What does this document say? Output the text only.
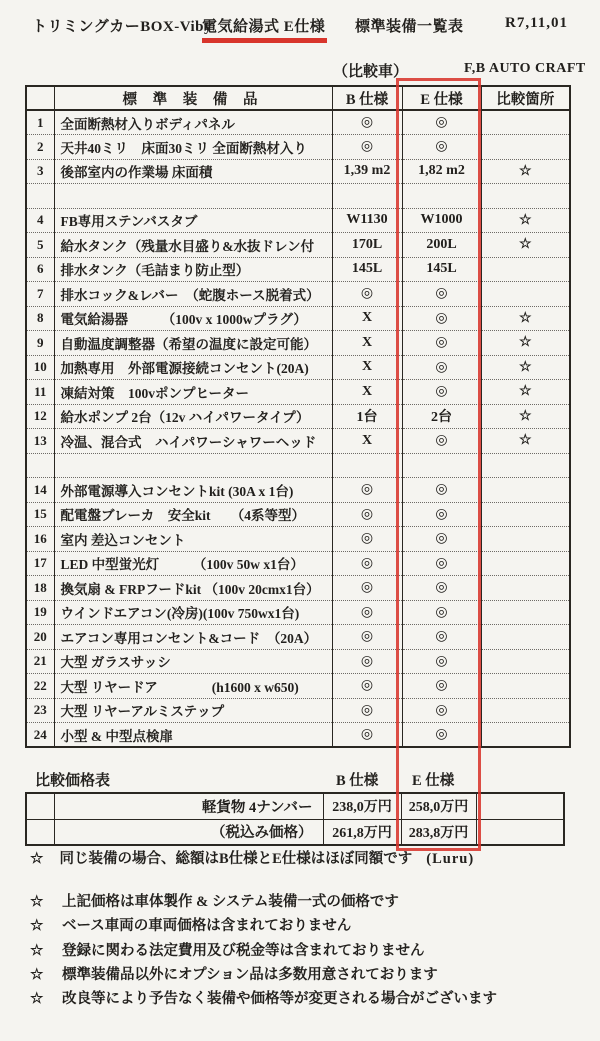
トリミングカーBOX-Viby
電気給湯式 E仕様 標準装備一覧表	R7,11,01
（比較車）	F,B AUTO CRAFT
	標 準 装 備 品	B 仕様	E 仕様	比較箇所
1	全面断熱材入りボディパネル	◎	◎	
2	天井40ミリ　床面30ミリ 全面断熱材入り	◎	◎	
3	後部室内の作業場 床面積	1,39 m2	1,82 m2	☆

4	FB専用ステンバスタブ	W1130	W1000	☆
5	給水タンク（残量水目盛り&水抜ドレン付	170L	200L	☆
6	排水タンク（毛詰まり防止型）	145L	145L	
7	排水コック&レバー　（蛇腹ホース脱着式）	◎	◎	
8	電気給湯器　　　（100v x 1000wプラグ）	X	◎	☆
9	自動温度調整器（希望の温度に設定可能）	X	◎	☆
10	加熱専用　外部電源接続コンセント(20A)	X	◎	☆
11	凍結対策　100vポンプヒーター	X	◎	☆
12	給水ポンプ 2台（12v ハイパワータイプ）	1台	2台	☆
13	冷温、混合式　ハイパワーシャワーヘッド	X	◎	☆

14	外部電源導入コンセントkit (30A x 1台)	◎	◎	
15	配電盤ブレーカ　安全kit　　（4系等型）	◎	◎	
16	室内 差込コンセント	◎	◎	
17	LED 中型蛍光灯　　　（100v 50w x1台）	◎	◎	
18	換気扇 & FRPフードkit （100v 20cmx1台）	◎	◎	
19	ウインドエアコン(冷房)(100v 750wx1台)	◎	◎	
20	エアコン専用コンセント&コード　（20A）	◎	◎	
21	大型 ガラスサッシ	◎	◎	
22	大型 リヤードア　　　　(h1600 x w650)	◎	◎	
23	大型 リヤーアルミステップ	◎	◎	
24	小型 & 中型点検扉	◎	◎	
比較価格表	B 仕様 E 仕様
	軽貨物 4ナンバー	238,0万円	258,0万円	
	（税込み価格）	261,8万円	283,8万円	
☆ 同じ装備の場合、総額はB仕様とE仕様はほぼ同額です (Luru)
☆ 上記価格は車体製作 & システム装備一式の価格です
☆ ベース車両の車両価格は含まれておりません
☆ 登録に関わる法定費用及び税金等は含まれておりません
☆ 標準装備品以外にオプション品は多数用意されております
☆ 改良等により予告なく装備や価格等が変更される場合がございます
